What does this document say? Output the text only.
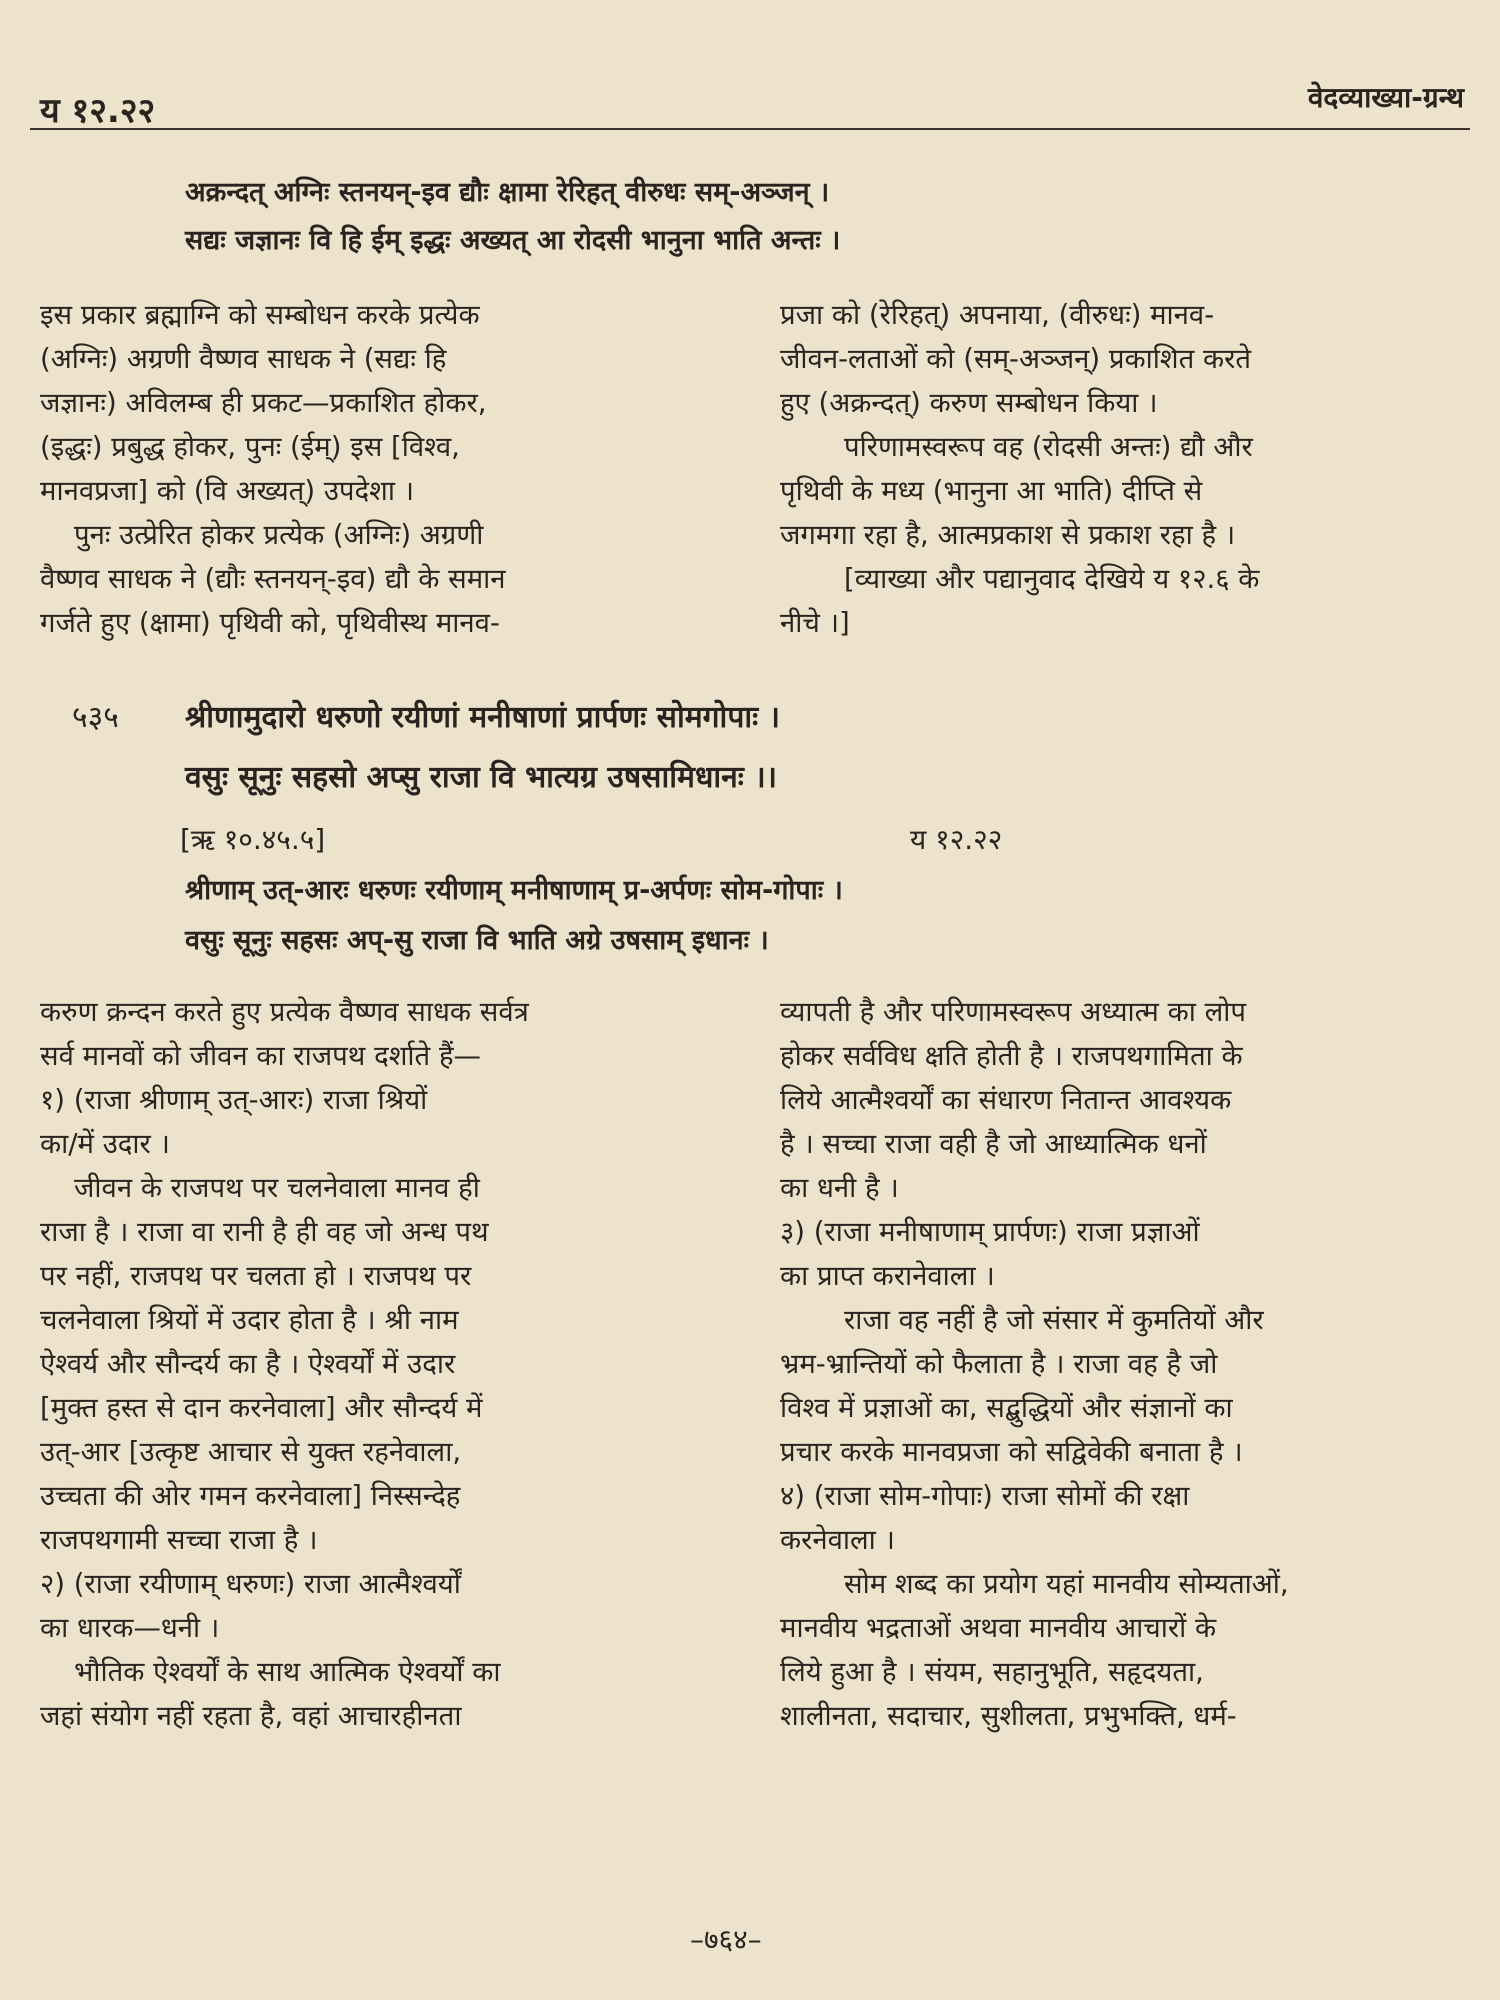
य १२.२२	वेदव्याख्या-ग्रन्थ
अक्रन्दत् अग्निः स्तनयन्-इव द्यौः क्षामा रेरिहत् वीरुधः सम्-अञ्जन् ।
सद्यः जज्ञानः वि हि ईम् इद्धः अख्यत् आ रोदसी भानुना भाति अन्तः ।
इस प्रकार ब्रह्माग्नि को सम्बोधन करके प्रत्येक
(अग्निः) अग्रणी वैष्णव साधक ने (सद्यः हि
जज्ञानः) अविलम्ब ही प्रकट—प्रकाशित होकर,
(इद्धः) प्रबुद्ध होकर, पुनः (ईम्) इस [विश्व,
मानवप्रजा] को (वि अख्यत्) उपदेशा ।
पुनः उत्प्रेरित होकर प्रत्येक (अग्निः) अग्रणी
वैष्णव साधक ने (द्यौः स्तनयन्-इव) द्यौ के समान
गर्जते हुए (क्षामा) पृथिवी को, पृथिवीस्थ मानव-
प्रजा को (रेरिहत्) अपनाया, (वीरुधः) मानव-
जीवन-लताओं को (सम्-अञ्जन्) प्रकाशित करते
हुए (अक्रन्दत्) करुण सम्बोधन किया ।
परिणामस्वरूप वह (रोदसी अन्तः) द्यौ और
पृथिवी के मध्य (भानुना आ भाति) दीप्ति से
जगमगा रहा है, आत्मप्रकाश से प्रकाश रहा है ।
[व्याख्या और पद्यानुवाद देखिये य १२.६ के
नीचे ।]
५३५ श्रीणामुदारो धरुणो रयीणां मनीषाणां प्रार्पणः सोमगोपाः ।
वसुः सूनुः सहसो अप्सु राजा वि भात्यग्र उषसामिधानः ।।
[ऋ १०.४५.५]	य १२.२२
श्रीणाम् उत्-आरः धरुणः रयीणाम् मनीषाणाम् प्र-अर्पणः सोम-गोपाः ।
वसुः सूनुः सहसः अप्-सु राजा वि भाति अग्रे उषसाम् इधानः ।
करुण क्रन्दन करते हुए प्रत्येक वैष्णव साधक सर्वत्र
सर्व मानवों को जीवन का राजपथ दर्शाते हैं—
१) (राजा श्रीणाम् उत्-आरः) राजा श्रियों
का/में उदार ।
जीवन के राजपथ पर चलनेवाला मानव ही
राजा है । राजा वा रानी है ही वह जो अन्ध पथ
पर नहीं, राजपथ पर चलता हो । राजपथ पर
चलनेवाला श्रियों में उदार होता है । श्री नाम
ऐश्वर्य और सौन्दर्य का है । ऐश्वर्यों में उदार
[मुक्त हस्त से दान करनेवाला] और सौन्दर्य में
उत्-आर [उत्कृष्ट आचार से युक्त रहनेवाला,
उच्चता की ओर गमन करनेवाला] निस्सन्देह
राजपथगामी सच्चा राजा है ।
२) (राजा रयीणाम् धरुणः) राजा आत्मैश्वर्यों
का धारक—धनी ।
भौतिक ऐश्वर्यों के साथ आत्मिक ऐश्वर्यों का
जहां संयोग नहीं रहता है, वहां आचारहीनता
व्यापती है और परिणामस्वरूप अध्यात्म का लोप
होकर सर्वविध क्षति होती है । राजपथगामिता के
लिये आत्मैश्वर्यों का संधारण नितान्त आवश्यक
है । सच्चा राजा वही है जो आध्यात्मिक धनों
का धनी है ।
३) (राजा मनीषाणाम् प्रार्पणः) राजा प्रज्ञाओं
का प्राप्त करानेवाला ।
राजा वह नहीं है जो संसार में कुमतियों और
भ्रम-भ्रान्तियों को फैलाता है । राजा वह है जो
विश्व में प्रज्ञाओं का, सद्बुद्धियों और संज्ञानों का
प्रचार करके मानवप्रजा को सद्विवेकी बनाता है ।
४) (राजा सोम-गोपाः) राजा सोमों की रक्षा
करनेवाला ।
सोम शब्द का प्रयोग यहां मानवीय सोम्यताओं,
मानवीय भद्रताओं अथवा मानवीय आचारों के
लिये हुआ है । संयम, सहानुभूति, सहृदयता,
शालीनता, सदाचार, सुशीलता, प्रभुभक्ति, धर्म-
–७६४–
